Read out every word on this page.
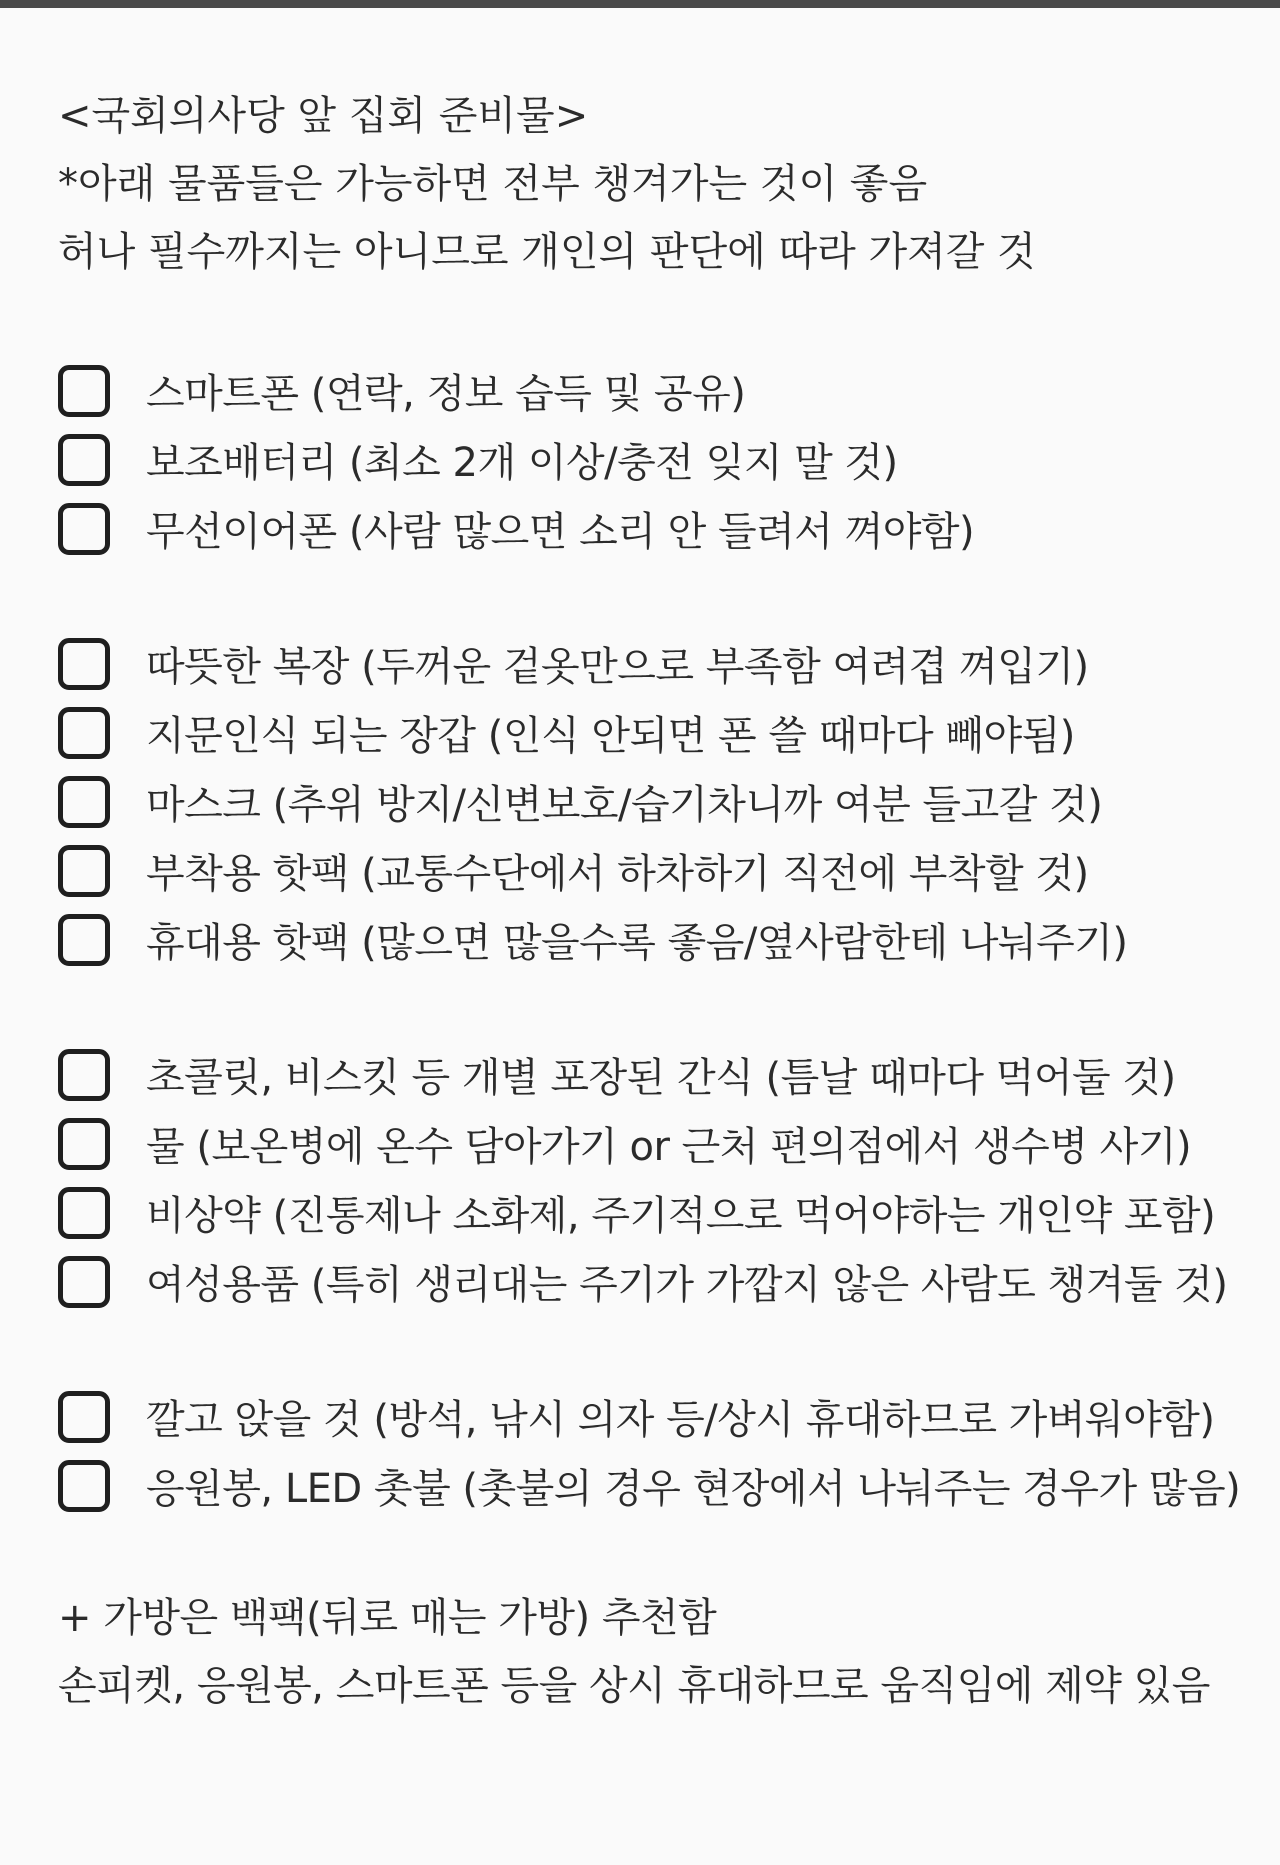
<국회의사당 앞 집회 준비물>

*아래 물품들은 가능하면 전부 챙겨가는 것이 좋음

허나 필수까지는 아니므로 개인의 판단에 따라 가져갈 것

스마트폰 (연락, 정보 습득 및 공유)
보조배터리 (최소 2개 이상/충전 잊지 말 것)
무선이어폰 (사람 많으면 소리 안 들려서 껴야함)
따뜻한 복장 (두꺼운 겉옷만으로 부족함 여려겹 껴입기)
지문인식 되는 장갑 (인식 안되면 폰 쓸 때마다 빼야됨)
마스크 (추위 방지/신변보호/습기차니까 여분 들고갈 것)
부착용 핫팩 (교통수단에서 하차하기 직전에 부착할 것)
휴대용 핫팩 (많으면 많을수록 좋음/옆사람한테 나눠주기)
초콜릿, 비스킷 등 개별 포장된 간식 (틈날 때마다 먹어둘 것)
물 (보온병에 온수 담아가기 or 근처 편의점에서 생수병 사기)
비상약 (진통제나 소화제, 주기적으로 먹어야하는 개인약 포함)
여성용품 (특히 생리대는 주기가 가깝지 않은 사람도 챙겨둘 것)
깔고 앉을 것 (방석, 낚시 의자 등/상시 휴대하므로 가벼워야함)
응원봉, LED 촛불 (촛불의 경우 현장에서 나눠주는 경우가 많음)

+ 가방은 백팩(뒤로 매는 가방) 추천함

손피켓, 응원봉, 스마트폰 등을 상시 휴대하므로 움직임에 제약 있음
